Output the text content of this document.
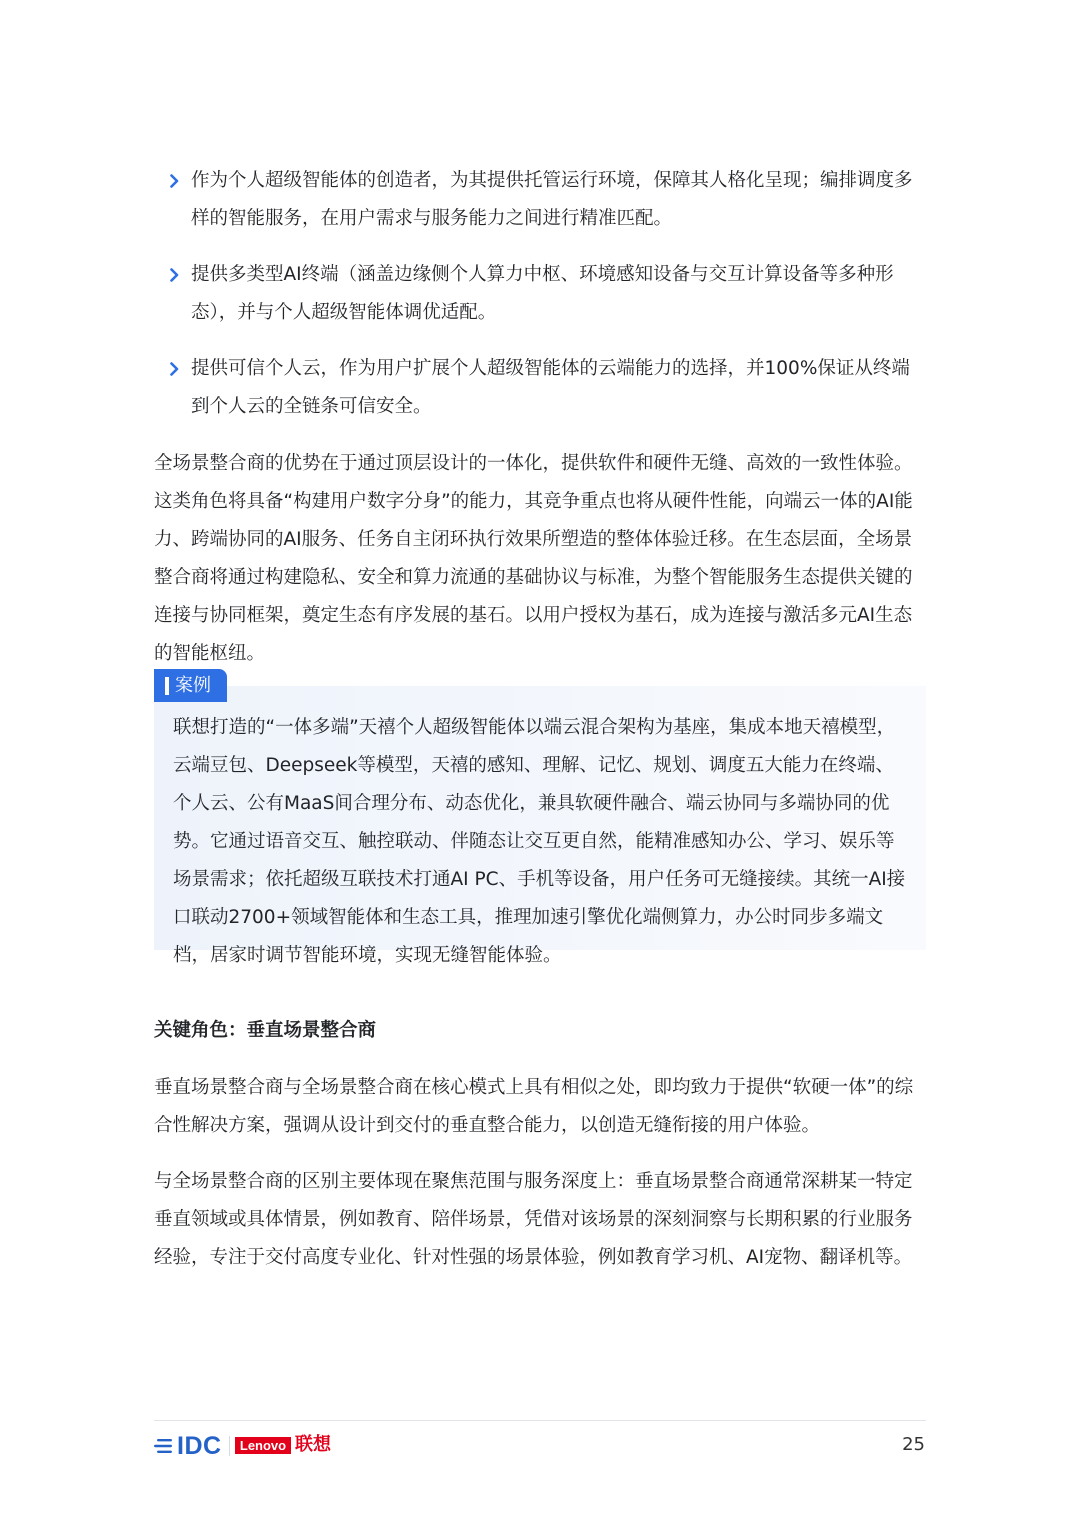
作为个人超级智能体的创造者，为其提供托管运行环境，保障其人格化呈现；编排调度多样的智能服务，在用户需求与服务能力之间进行精准匹配。
提供多类型AI终端（涵盖边缘侧个人算力中枢、环境感知设备与交互计算设备等多种形态），并与个人超级智能体调优适配。
提供可信个人云，作为用户扩展个人超级智能体的云端能力的选择，并100%保证从终端到个人云的全链条可信安全。

全场景整合商的优势在于通过顶层设计的一体化，提供软件和硬件无缝、高效的一致性体验。这类角色将具备“构建用户数字分身”的能力，其竞争重点也将从硬件性能，向端云一体的AI能力、跨端协同的AI服务、任务自主闭环执行效果所塑造的整体体验迁移。在生态层面，全场景整合商将通过构建隐私、安全和算力流通的基础协议与标准，为整个智能服务生态提供关键的连接与协同框架，奠定生态有序发展的基石。以用户授权为基石，成为连接与激活多元AI生态的智能枢纽。

联想打造的“一体多端”天禧个人超级智能体以端云混合架构为基座，集成本地天禧模型，云端豆包、Deepseek等模型，天禧的感知、理解、记忆、规划、调度五大能力在终端、个人云、公有MaaS间合理分布、动态优化，兼具软硬件融合、端云协同与多端协同的优势。它通过语音交互、触控联动、伴随态让交互更自然，能精准感知办公、学习、娱乐等场景需求；依托超级互联技术打通AI PC、手机等设备，用户任务可无缝接续。其统一AI接口联动2700+领域智能体和生态工具，推理加速引擎优化端侧算力，办公时同步多端文档，居家时调节智能环境，实现无缝智能体验。
案例
关键角色：垂直场景整合商

垂直场景整合商与全场景整合商在核心模式上具有相似之处，即均致力于提供“软硬一体”的综合性解决方案，强调从设计到交付的垂直整合能力，以创造无缝衔接的用户体验。

与全场景整合商的区别主要体现在聚焦范围与服务深度上：垂直场景整合商通常深耕某一特定垂直领域或具体情景，例如教育、陪伴场景，凭借对该场景的深刻洞察与长期积累的行业服务经验，专注于交付高度专业化、针对性强的场景体验，例如教育学习机、AI宠物、翻译机等。

IDC	Lenovo 联想	25
